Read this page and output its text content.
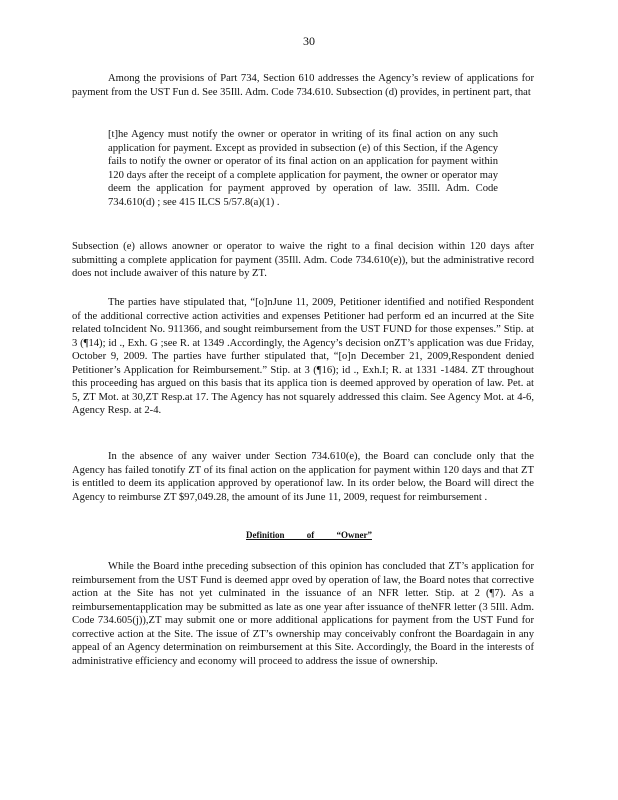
30

Among the provisions of Part 734, Section 610 addresses the Agency’s review of applications for payment from the UST Fun d. See 35Ill. Adm. Code 734.610. Subsection (d) provides, in pertinent part, that

[t]he Agency must notify the owner or operator in writing of its final action on any such application for payment. Except as provided in subsection (e) of this Section, if the Agency fails to notify the owner or operator of its final action on an application for payment within 120 days after the receipt of a complete application for payment, the owner or operator may deem the application for payment approved by operation of law. 35Ill. Adm. Code 734.610(d) ; see 415 ILCS 5/57.8(a)(1) .

Subsection (e) allows anowner or operator to waive the right to a final decision within 120 days after submitting a complete application for payment (35Ill. Adm. Code 734.610(e)), but the administrative record does not include awaiver of this nature by ZT.

The parties have stipulated that, “[o]nJune 11, 2009, Petitioner identified and notified Respondent of the additional corrective action activities and expenses Petitioner had perform ed an incurred at the Site related toIncident No. 911366, and sought reimbursement from the UST FUND for those expenses.” Stip. at 3 (¶14); id ., Exh. G ;see R. at 1349 .Accordingly, the Agency’s decision onZT’s application was due Friday, October 9, 2009. The parties have further stipulated that, “[o]n December 21, 2009,Respondent denied Petitioner’s Application for Reimbursement.” Stip. at 3 (¶16); id ., Exh.I; R. at 1331 -1484. ZT throughout this proceeding has argued on this basis that its applica tion is deemed approved by operation of law. Pet. at 5, ZT Mot. at 30,ZT Resp.at 17. The Agency has not squarely addressed this claim. See Agency Mot. at 4-6, Agency Resp. at 2-4.

In the absence of any waiver under Section 734.610(e), the Board can conclude only that the Agency has failed tonotify ZT of its final action on the application for payment within 120 days and that ZT is entitled to deem its application approved by operationof law. In its order below, the Board will direct the Agency to reimburse ZT $97,049.28, the amount of its June 11, 2009, request for reimbursement .

Definition of “Owner”

While the Board inthe preceding subsection of this opinion has concluded that ZT’s application for reimbursement from the UST Fund is deemed appr oved by operation of law, the Board notes that corrective action at the Site has not yet culminated in the issuance of an NFR letter. Stip. at 2 (¶7). As a reimbursementapplication may be submitted as late as one year after issuance of theNFR letter (3 5Ill. Adm. Code 734.605(j)),ZT may submit one or more additional applications for payment from the UST Fund for corrective action at the Site. The issue of ZT’s ownership may conceivably confront the Boardagain in any appeal of an Agency determination on reimbursement at this Site. Accordingly, the Board in the interests of administrative efficiency and economy will proceed to address the issue of ownership.
